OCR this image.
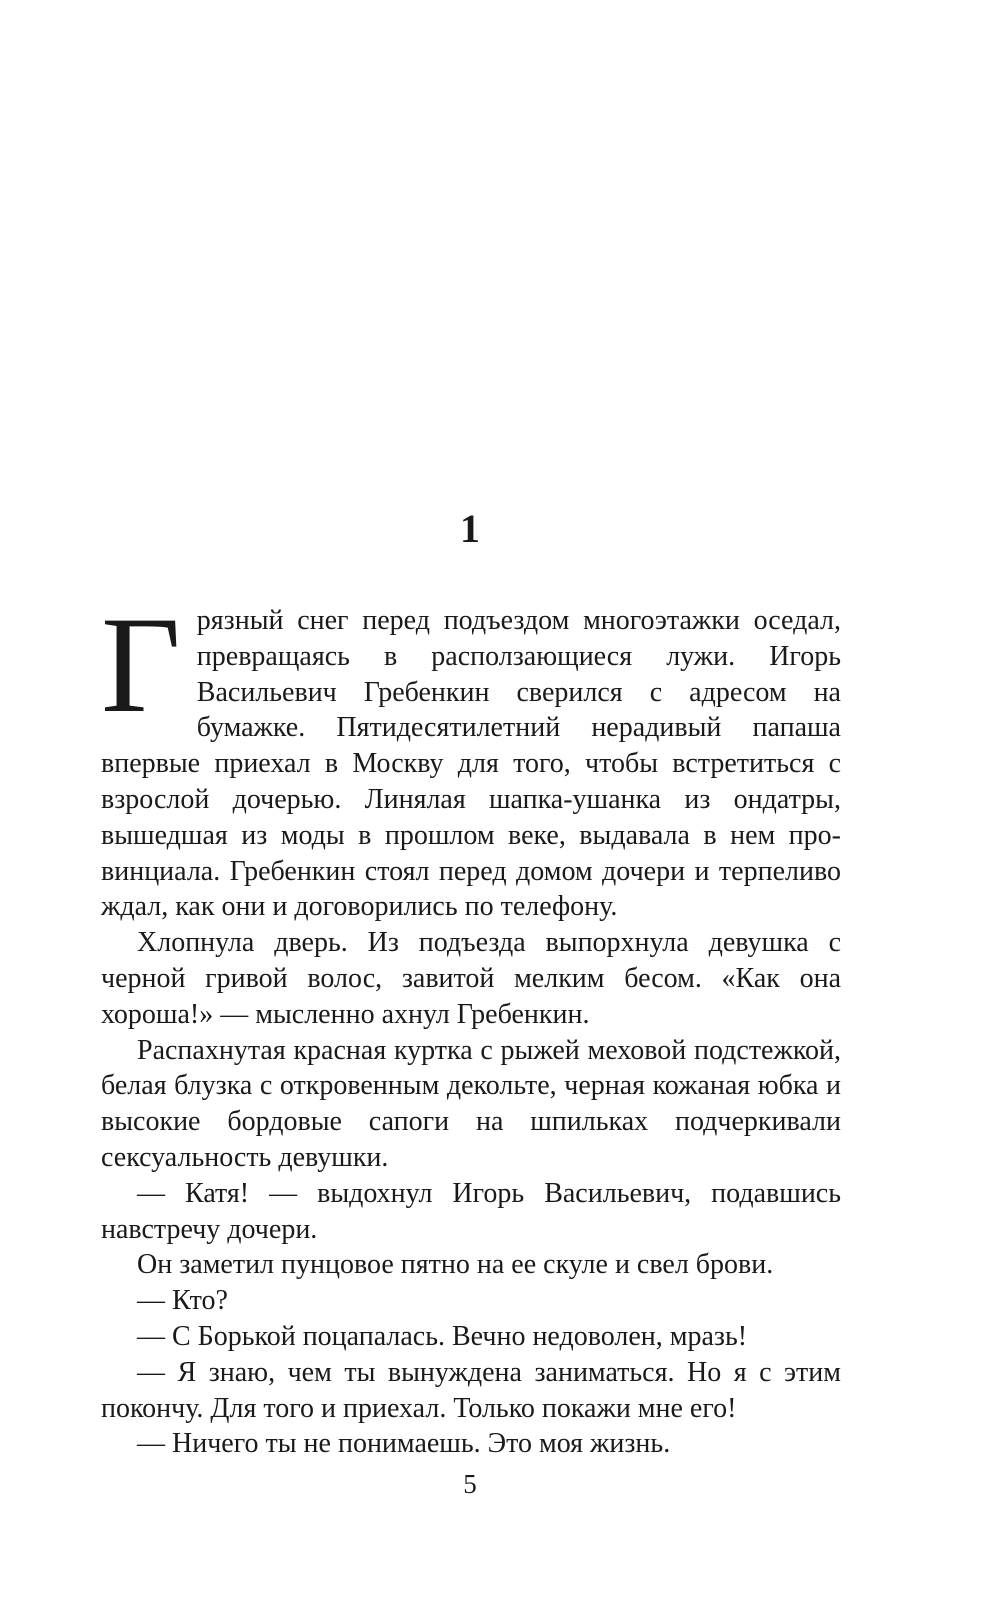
1

Грязный снег перед подъездом многоэтажки оседал, превращаясь в расползающиеся лужи. Игорь Васильевич Гребенкин сверился с адресом на бумажке. Пятидесятилетний нерадивый папаша впервые приехал в Москву для того, чтобы встретиться с взрослой дочерью. Линялая шапка-ушанка из ондатры, вышедшая из моды в прошлом веке, выдавала в нем провинциала. Гребенкин стоял перед домом дочери и терпеливо ждал, как они и договорились по телефону.

Хлопнула дверь. Из подъезда выпорхнула девушка с черной гривой волос, завитой мелким бесом. «Как она хороша!» — мысленно ахнул Гребенкин.

Распахнутая красная куртка с рыжей меховой подстежкой, белая блузка с откровенным декольте, черная кожаная юбка и высокие бордовые сапоги на шпильках подчеркивали сексуальность девушки.

— Катя! — выдохнул Игорь Васильевич, подавшись навстречу дочери.

Он заметил пунцовое пятно на ее скуле и свел брови.

— Кто?

— С Борькой поцапалась. Вечно недоволен, мразь!

— Я знаю, чем ты вынуждена заниматься. Но я с этим покончу. Для того и приехал. Только покажи мне его!

— Ничего ты не понимаешь. Это моя жизнь.

5
